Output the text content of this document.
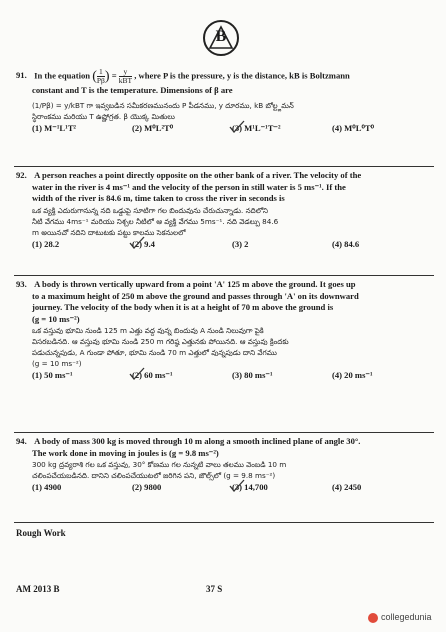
B
91. In the equation ( $\frac{1}{P\beta}$ ) = $\frac{y}{\text{kBT}}$ , where P is the pressure, y is the distance, kB is Boltzmann
constant and T is the temperature. Dimensions of β are
(1/Pβ) = y/kBT గా ఇవ్వబడిన సమీకరణమునందు P పీడనము, y దూరము, kB బోల్ట్జమన్
స్థిరాంకము మరియు T ఉష్ణోగ్రత. β యొక్క మితులు
(1) M⁻¹L¹T²	(2) M⁰L²T⁰	(3) M¹L⁻¹T⁻²	(4) M⁰L⁰T⁰
92. A person reaches a point directly opposite on the other bank of a river. The velocity of the
water in the river is 4 ms⁻¹ and the velocity of the person in still water is 5 ms⁻¹. If the
width of the river is 84.6 m, time taken to cross the river in seconds is
ఒక వ్యక్తి ఎదురుగానున్న నది ఒడ్డుపై సూటిగా గల బిందువును చేరుచున్నాడు. నదిలోని
నీటి వేగము 4ms⁻¹ మరియు నిశ్చల నీటిలో ఆ వ్యక్తి వేగము 5ms⁻¹. నది వెడల్పు 84.6
m అయినచో నదిని దాటుటకు పట్టు కాలము సెకనులలో
(1) 28.2	(2) 9.4	(3) 2	(4) 84.6
93. A body is thrown vertically upward from a point 'A' 125 m above the ground. It goes up
to a maximum height of 250 m above the ground and passes through 'A' on its downward
journey. The velocity of the body when it is at a height of 70 m above the ground is
(g = 10 ms⁻²)
ఒక వస్తువు భూమి నుండి 125 m ఎత్తు వద్ద వున్న బిందువు A నుండి నిలువుగా పైకి
విసరబడినది. ఆ వస్తువు భూమి నుండి 250 m గరిష్ఠ ఎత్తునకు పోయినది. ఆ వస్తువు క్రిందకు
పడుచున్నపుడు, A గుండా పోతూ, భూమి నుండి 70 m ఎత్తులో వున్నపుడు దాని వేగము
(g = 10 ms⁻²)
(1) 50 ms⁻¹	(2) 60 ms⁻¹	(3) 80 ms⁻¹	(4) 20 ms⁻¹
94. A body of mass 300 kg is moved through 10 m along a smooth inclined plane of angle 30°.
The work done in moving in joules is (g = 9.8 ms⁻²)
300 kg ద్రవ్యరాశి గల ఒక వస్తువు, 30° కోణము గల నున్నటి వాలు తలము వెంబడి 10 m
చలింపచేయబడినది. దానిని చలింపచేయుటలో జరిగిన పని, జౌల్స్‌లో (g = 9.8 ms⁻²)
(1) 4900	(2) 9800	(3) 14,700	(4) 2450
Rough Work
AM 2013 B	37 S
collegedunia
